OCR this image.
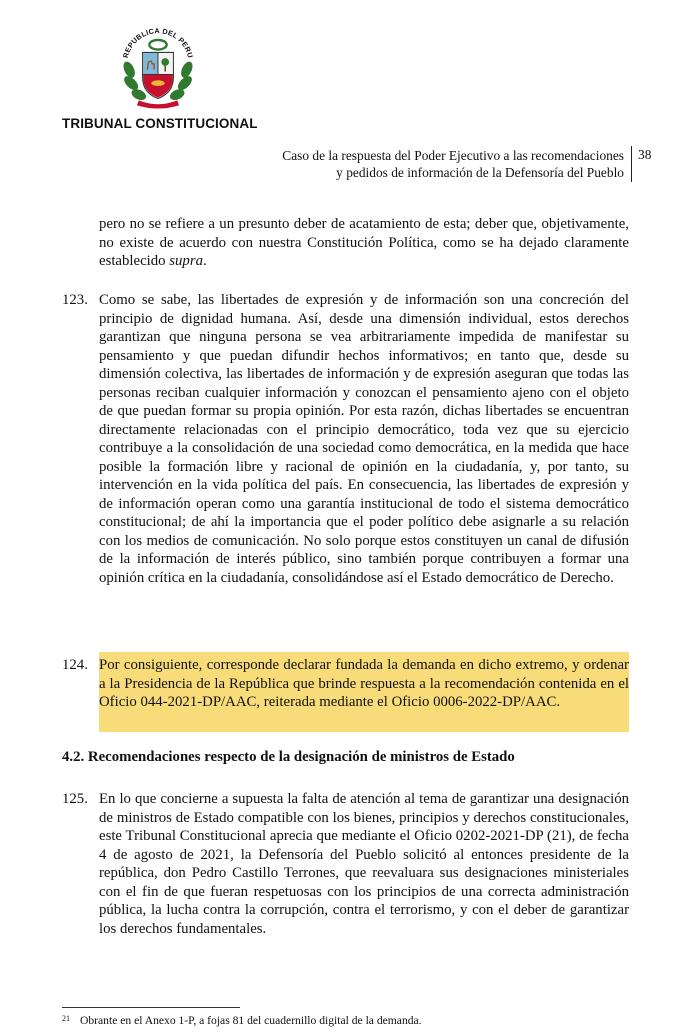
REPUBLICA DEL PERU
TRIBUNAL CONSTITUCIONAL
Caso de la respuesta del Poder Ejecutivo a las recomendaciones
y pedidos de información de la Defensoría del Pueblo
38
pero no se refiere a un presunto deber de acatamiento de esta; deber que, objetivamente, no existe de acuerdo con nuestra Constitución Política, como se ha dejado claramente establecido supra.
123. Como se sabe, las libertades de expresión y de información son una concreción del principio de dignidad humana. Así, desde una dimensión individual, estos derechos garantizan que ninguna persona se vea arbitrariamente impedida de manifestar su pensamiento y que puedan difundir hechos informativos; en tanto que, desde su dimensión colectiva, las libertades de información y de expresión aseguran que todas las personas reciban cualquier información y conozcan el pensamiento ajeno con el objeto de que puedan formar su propia opinión. Por esta razón, dichas libertades se encuentran directamente relacionadas con el principio democrático, toda vez que su ejercicio contribuye a la consolidación de una sociedad como democrática, en la medida que hace posible la formación libre y racional de opinión en la ciudadanía, y, por tanto, su intervención en la vida política del país. En consecuencia, las libertades de expresión y de información operan como una garantía institucional de todo el sistema democrático constitucional; de ahí la importancia que el poder político debe asignarle a su relación con los medios de comunicación. No solo porque estos constituyen un canal de difusión de la información de interés público, sino también porque contribuyen a formar una opinión crítica en la ciudadanía, consolidándose así el Estado democrático de Derecho.
124. Por consiguiente, corresponde declarar fundada la demanda en dicho extremo, y ordenar a la Presidencia de la República que brinde respuesta a la recomendación contenida en el Oficio 044-2021-DP/AAC, reiterada mediante el Oficio 0006-2022-DP/AAC.
4.2. Recomendaciones respecto de la designación de ministros de Estado
125. En lo que concierne a supuesta la falta de atención al tema de garantizar una designación de ministros de Estado compatible con los bienes, principios y derechos constitucionales, este Tribunal Constitucional aprecia que mediante el Oficio 0202-2021-DP (21), de fecha 4 de agosto de 2021, la Defensoría del Pueblo solicitó al entonces presidente de la república, don Pedro Castillo Terrones, que reevaluara sus designaciones ministeriales con el fin de que fueran respetuosas con los principios de una correcta administración pública, la lucha contra la corrupción, contra el terrorismo, y con el deber de garantizar los derechos fundamentales.
$^{21}$ Obrante en el Anexo 1-P, a fojas 81 del cuadernillo digital de la demanda.
